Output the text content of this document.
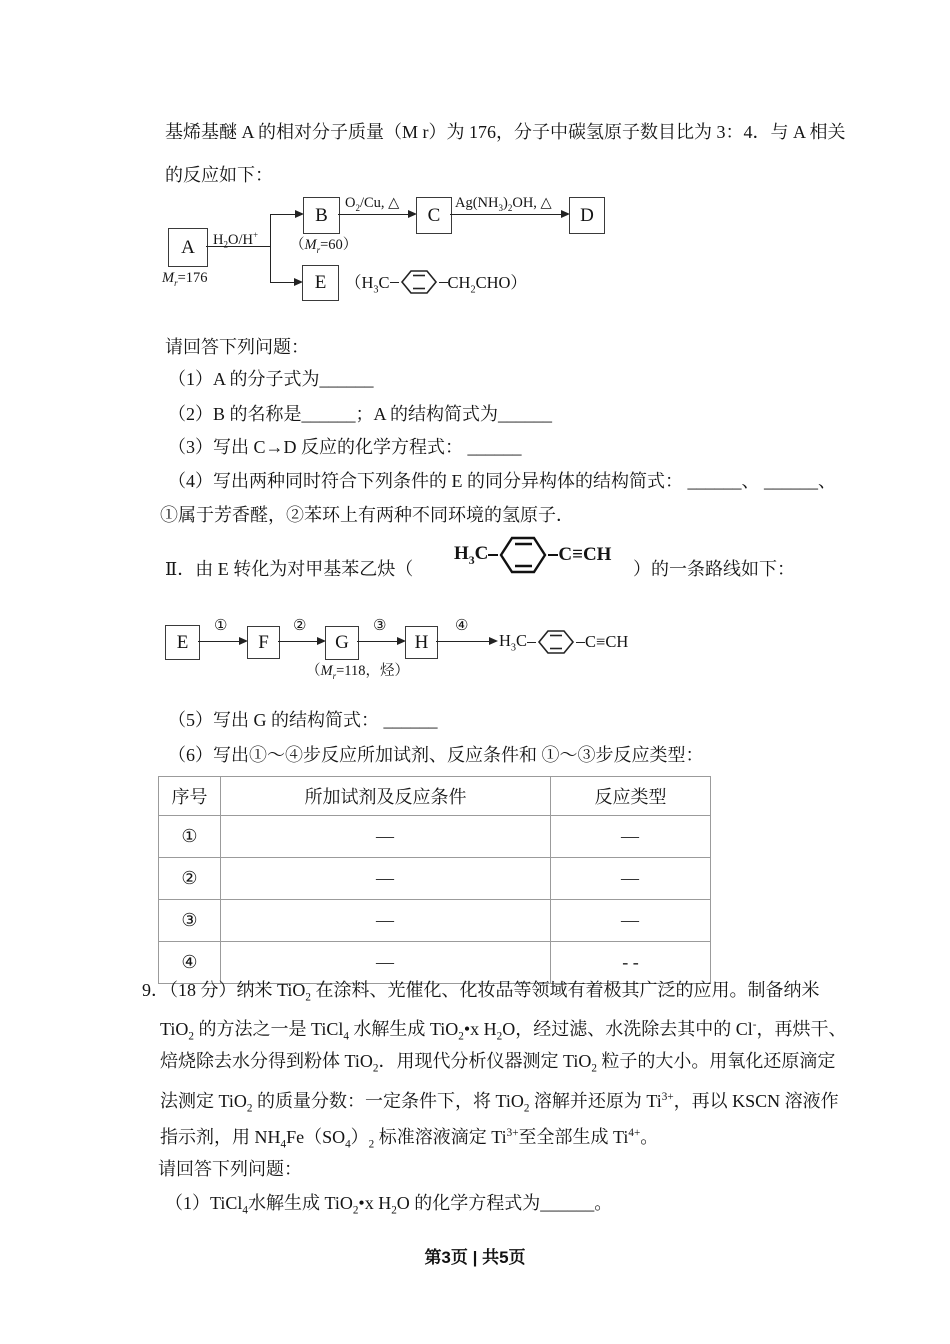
基烯基醚 A 的相对分子质量（M r）为 176，分子中碳氢原子数目比为 3：4．与 A 相关
的反应如下：
A
$M_r=176$
$H_2O/H^+$
B
$(M_r=60)$
$O_2/Cu$, △
C
$Ag(NH_3)_2OH$, △
D
E	（$H_3C$	$CH_2CHO$）
请回答下列问题：
（1）A 的分子式为______
（2）B 的名称是______；A 的结构简式为______
（3）写出 C→D 反应的化学方程式： ______
（4）写出两种同时符合下列条件的 E 的同分异构体的结构简式： ______、 ______、
①属于芳香醛，②苯环上有两种不同环境的氢原子．
Ⅱ．由 E 转化为对甲基苯乙炔（
$H_3C$	C≡CH
）的一条路线如下：
E
①
F
②
G
（$M_r=118$，烃）
③
H
④
$H_3C$	C≡CH
（5）写出 G 的结构简式： ______
（6）写出①～④步反应所加试剂、反应条件和 ①～③步反应类型：
序号	所加试剂及反应条件	反应类型
①	—	—
②	—	—
③	—	—
④	—	- -
9．（18 分）纳米 TiO$_2$ 在涂料、光催化、化妆品等领域有着极其广泛的应用。制备纳米
TiO$_2$ 的方法之一是 TiCl$_4$ 水解生成 TiO$_2$•x $H_2O$，经过滤、水洗除去其中的 Cl-，再烘干、
焙烧除去水分得到粉体 TiO$_2$．用现代分析仪器测定 TiO$_2$ 粒子的大小。用氧化还原滴定
法测定 TiO$_2$ 的质量分数：一定条件下，将 TiO$_2$ 溶解并还原为 $Ti^{3+}$，再以 KSCN 溶液作
指示剂，用 $NH_4Fe(SO_4)_2$ 标准溶液滴定 $Ti^{3+}$至全部生成 $Ti^{4+}$。
请回答下列问题：
（1）TiCl$_4$水解生成 TiO$_2$•x $H_2O$ 的化学方程式为______。
第3页 | 共5页
